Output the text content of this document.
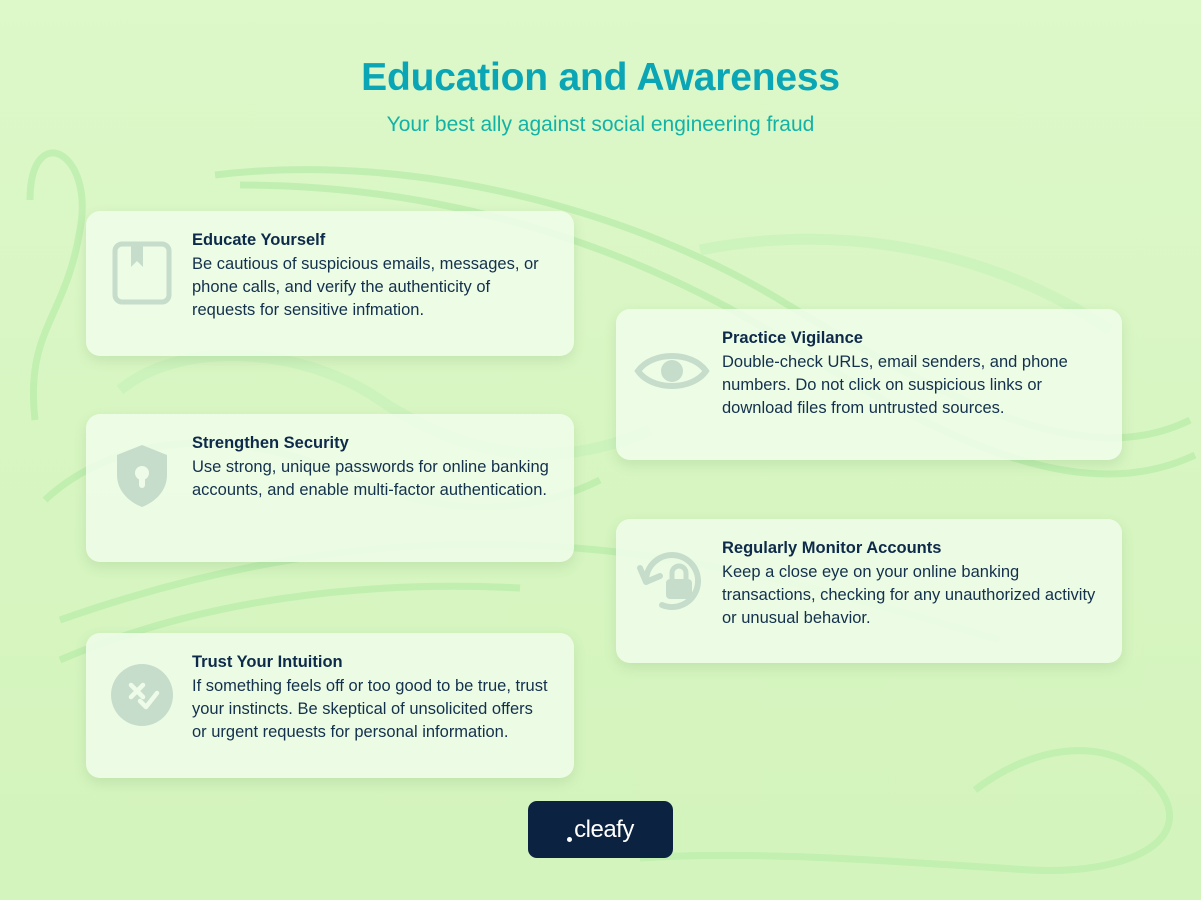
Education and Awareness
Your best ally against social engineering fraud
Educate Yourself
Be cautious of suspicious emails, messages, or phone calls, and verify the authenticity of requests for sensitive infmation.
Strengthen Security
Use strong, unique passwords for online banking accounts, and enable multi-factor authentication.
Trust Your Intuition
If something feels off or too good to be true, trust your instincts. Be skeptical of unsolicited offers or urgent requests for personal information.
Practice Vigilance
Double-check URLs, email senders, and phone numbers. Do not click on suspicious links or download files from untrusted sources.
Regularly Monitor Accounts
Keep a close eye on your online banking transactions, checking for any unauthorized activity or unusual behavior.
cleafy
